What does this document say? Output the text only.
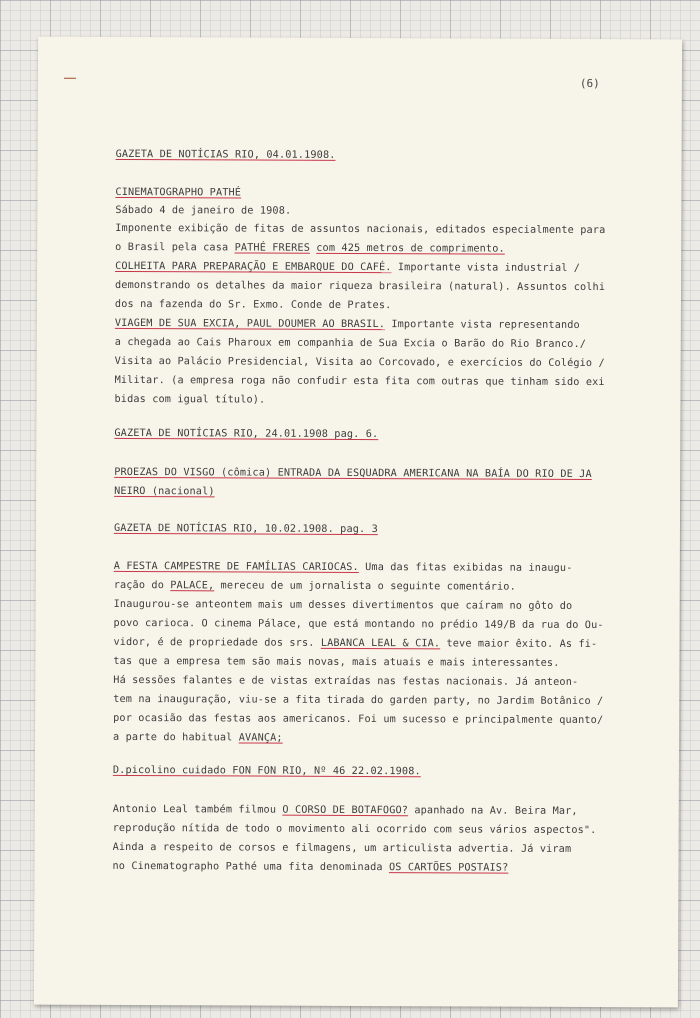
(6)

GAZETA DE NOTÍCIAS RIO, 04.01.1908.

CINEMATOGRAPHO PATHÉ

Sábado 4 de janeiro de 1908.

Imponente exibição de fitas de assuntos nacionais, editados especialmente para

o Brasil pela casa PATHÉ FRERES com 425 metros de comprimento.

COLHEITA PARA PREPARAÇÃO E EMBARQUE DO CAFÉ. Importante vista industrial /

demonstrando os detalhes da maior riqueza brasileira (natural). Assuntos colhi

dos na fazenda do Sr. Exmo. Conde de Prates.

VIAGEM DE SUA EXCIA, PAUL DOUMER AO BRASIL. Importante vista representando

a chegada ao Cais Pharoux em companhia de Sua Excia o Barão do Rio Branco./

Visita ao Palácio Presidencial, Visita ao Corcovado, e exercícios do Colégio /

Militar. (a empresa roga não confudir esta fita com outras que tinham sido exi

bidas com igual título).

GAZETA DE NOTÍCIAS RIO, 24.01.1908 pag. 6.

PROEZAS DO VISGO (cômica) ENTRADA DA ESQUADRA AMERICANA NA BAÍA DO RIO DE JA

NEIRO (nacional)

GAZETA DE NOTÍCIAS RIO, 10.02.1908. pag. 3

A FESTA CAMPESTRE DE FAMÍLIAS CARIOCAS. Uma das fitas exibidas na inaugu-

ração do PALACE, mereceu de um jornalista o seguinte comentário.

Inaugurou-se anteontem mais um desses divertimentos que caíram no gôto do

povo carioca. O cinema Pálace, que está montando no prédio 149/B da rua do Ou-

vidor, é de propriedade dos srs. LABANCA LEAL & CIA. teve maior êxito. As fi-

tas que a empresa tem são mais novas, mais atuais e mais interessantes.

Há sessões falantes e de vistas extraídas nas festas nacionais. Já anteon-

tem na inauguração, viu-se a fita tirada do garden party, no Jardim Botânico /

por ocasião das festas aos americanos. Foi um sucesso e principalmente quanto/

a parte do habitual AVANÇA;

D.picolino cuidado FON FON RIO, Nº 46 22.02.1908.

Antonio Leal também filmou O CORSO DE BOTAFOGO? apanhado na Av. Beira Mar,

reprodução nítida de todo o movimento ali ocorrido com seus vários aspectos".

Ainda a respeito de corsos e filmagens, um articulista advertia. Já viram

no Cinematographo Pathé uma fita denominada OS CARTÕES POSTAIS?
